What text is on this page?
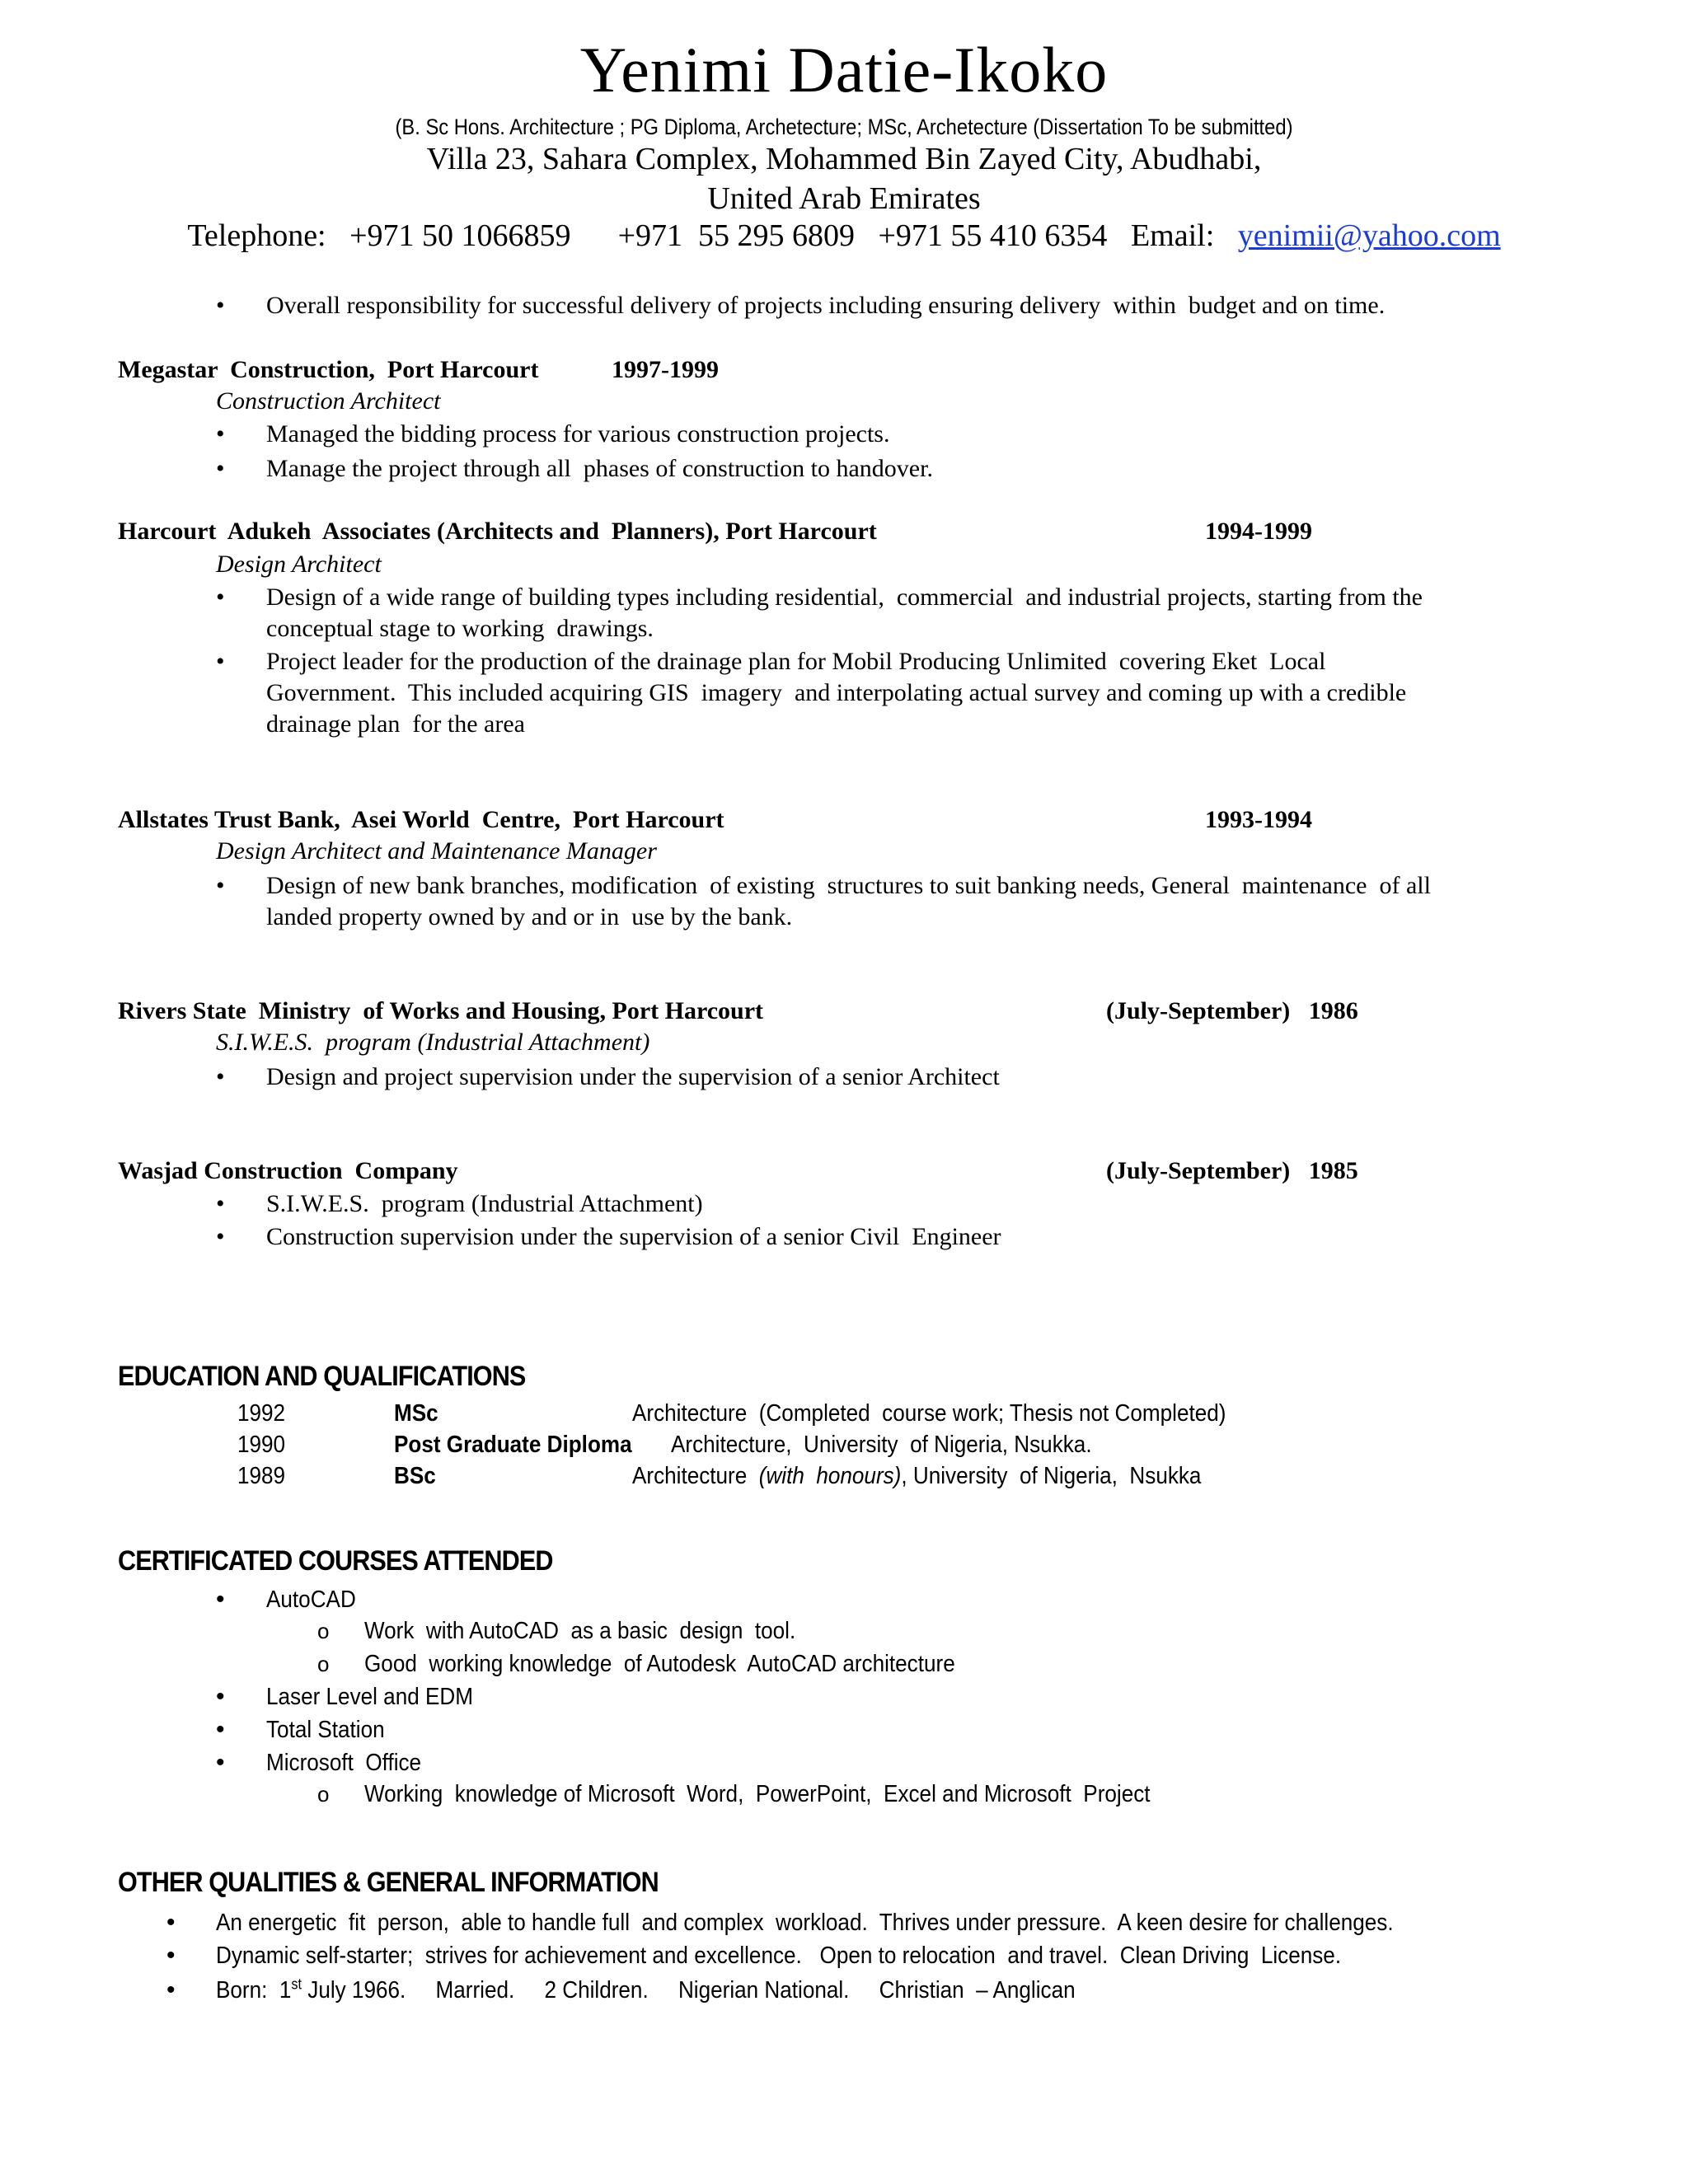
Yenimi Datie-Ikoko
(B. Sc Hons. Architecture ; PG Diploma, Archetecture; MSc, Archetecture (Dissertation To be submitted)
Villa 23, Sahara Complex, Mohammed Bin Zayed City, Abudhabi,
United Arab Emirates
Telephone: +971 50 1066859 +971  55 295 6809 +971 55 410 6354 Email: yenimii@yahoo.com
• Overall responsibility for successful delivery of projects including ensuring delivery  within  budget and on time.
Megastar  Construction,  Port Harcourt	1997-1999
Construction Architect
• Managed the bidding process for various construction projects.
• Manage the project through all  phases of construction to handover.
Harcourt  Adukeh  Associates (Architects and  Planners), Port Harcourt	1994-1999
Design Architect
• Design of a wide range of building types including residential,  commercial  and industrial projects, starting from the
conceptual stage to working  drawings.
• Project leader for the production of the drainage plan for Mobil Producing Unlimited  covering Eket  Local
Government.  This included acquiring GIS  imagery  and interpolating actual survey and coming up with a credible
drainage plan  for the area
Allstates Trust Bank,  Asei World  Centre,  Port Harcourt	1993-1994
Design Architect and Maintenance Manager
• Design of new bank branches, modification  of existing  structures to suit banking needs, General  maintenance  of all
landed property owned by and or in  use by the bank.
Rivers State  Ministry  of Works and Housing, Port Harcourt	(July-September)   1986
S.I.W.E.S.  program (Industrial Attachment)
• Design and project supervision under the supervision of a senior Architect
Wasjad Construction  Company	(July-September)   1985
• S.I.W.E.S.  program (Industrial Attachment)
• Construction supervision under the supervision of a senior Civil  Engineer
EDUCATION AND QUALIFICATIONS
1992	MSc	Architecture  (Completed  course work; Thesis not Completed)
1990	Post Graduate Diploma Architecture,  University  of Nigeria, Nsukka.
1989	BSc	Architecture  (with  honours), University  of Nigeria,  Nsukka
CERTIFICATED COURSES ATTENDED
• AutoCAD
o Work  with AutoCAD  as a basic  design  tool.
o Good  working knowledge  of Autodesk  AutoCAD architecture
• Laser Level and EDM
• Total Station
• Microsoft  Office
o Working  knowledge of Microsoft  Word,  PowerPoint,  Excel and Microsoft  Project
OTHER QUALITIES & GENERAL INFORMATION
• An energetic  fit  person,  able to handle full  and complex  workload.  Thrives under pressure.  A keen desire for challenges.
• Dynamic self-starter;  strives for achievement and excellence.   Open to relocation  and travel.  Clean Driving  License.
• Born:  1st July 1966.     Married.     2 Children.     Nigerian National.     Christian  – Anglican
